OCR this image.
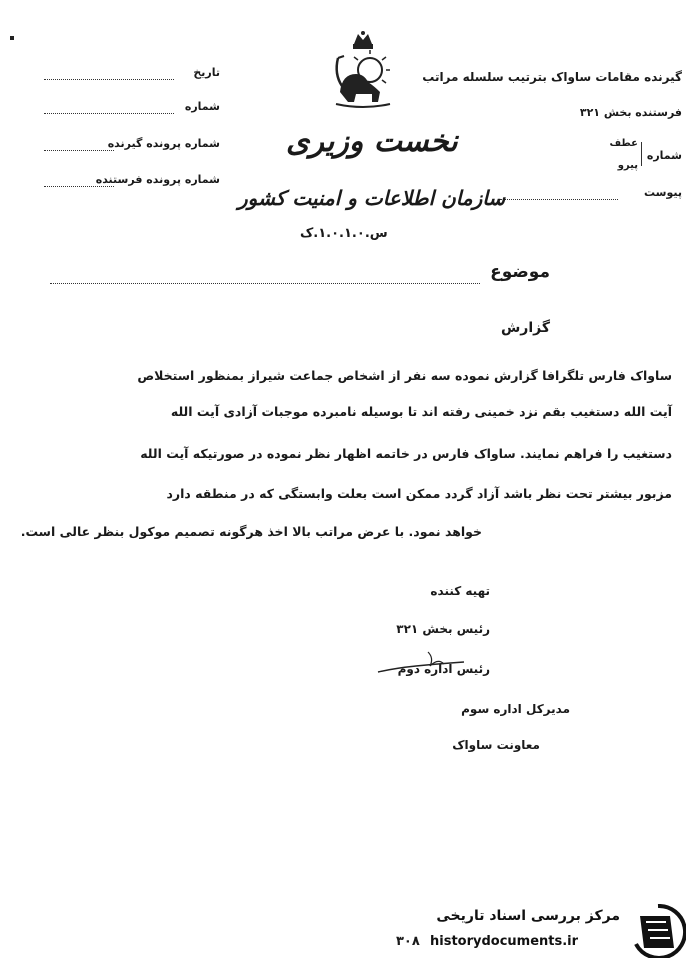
گیرنده مقامات ساواک بترتیب سلسله مراتب
فرستنده بخش ۳۲۱
شماره
عطف
پیرو
پیوست
تاریخ
شماره
شماره پرونده گیرنده
شماره پرونده فرستنده
نخست وزیری
سازمان اطلاعات و امنیت کشور
س.۱.۰.۱.۰.ک
موضوع
گزارش
ساواک فارس تلگرافا گزارش نموده سه نفر از اشخاص جماعت شیراز بمنظور استخلاص
آیت الله دستغیب بقم نزد خمینی رفته اند تا بوسیله نامبرده موجبات آزادی آیت الله
دستغیب را فراهم نمایند. ساواک فارس در خاتمه اظهار نظر نموده در صورتیکه آیت الله
مزبور بیشتر تحت نظر باشد آزاد گردد ممکن است بعلت وابستگی که در منطقه دارد
خواهد نمود. با عرض مراتب بالا اخذ هرگونه تصمیم موکول بنظر عالی است.
تهیه کننده
رئیس بخش ۳۲۱
رئیس اداره دوم
مدیرکل اداره سوم
معاونت ساواک
مرکز بررسی اسناد تاریخی
historydocuments.ir
۳۰۸
